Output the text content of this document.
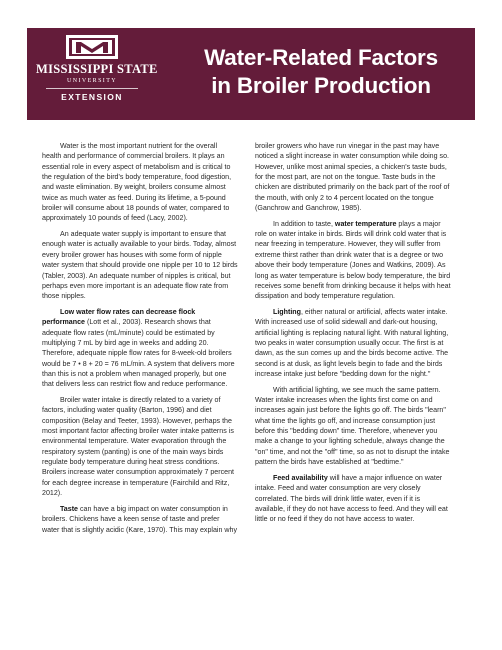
MISSISSIPPI STATE
UNIVERSITY
EXTENSION
Water-Related Factors
in Broiler Production

Water is the most important nutrient for the overall health and performance of commercial broilers. It plays an essential role in every aspect of metabolism and is critical to the regulation of the bird's body temperature, food digestion, and waste elimination. By weight, broilers consume almost twice as much water as feed. During its lifetime, a 5-pound broiler will consume about 18 pounds of water, compared to approximately 10 pounds of feed (Lacy, 2002).

An adequate water supply is important to ensure that enough water is actually available to your birds. Today, almost every broiler grower has houses with some form of nipple water system that should provide one nipple per 10 to 12 birds (Tabler, 2003). An adequate number of nipples is critical, but perhaps even more important is an adequate flow rate from those nipples.

Low water flow rates can decrease flock performance (Lott et al., 2003). Research shows that adequate flow rates (mL/minute) could be estimated by multiplying 7 mL by bird age in weeks and adding 20. Therefore, adequate nipple flow rates for 8-week-old broilers would be 7 • 8 + 20 = 76 mL/min. A system that delivers more than this is not a problem when managed properly, but one that delivers less can restrict flow and reduce performance.

Broiler water intake is directly related to a variety of factors, including water quality (Barton, 1996) and diet composition (Belay and Teeter, 1993). However, perhaps the most important factor affecting broiler water intake patterns is environmental temperature. Water evaporation through the respiratory system (panting) is one of the main ways birds regulate body temperature during heat stress conditions. Broilers increase water consumption approximately 7 percent for each degree increase in temperature (Fairchild and Ritz, 2012).

Taste can have a big impact on water consumption in broilers. Chickens have a keen sense of taste and prefer water that is slightly acidic (Kare, 1970). This may explain why

broiler growers who have run vinegar in the past may have noticed a slight increase in water consumption while doing so. However, unlike most animal species, a chicken's taste buds, for the most part, are not on the tongue. Taste buds in the chicken are distributed primarily on the back part of the roof of the mouth, with only 2 to 4 percent located on the tongue (Ganchrow and Ganchrow, 1985).

In addition to taste, water temperature plays a major role on water intake in birds. Birds will drink cold water that is near freezing in temperature. However, they will suffer from extreme thirst rather than drink water that is a degree or two above their body temperature (Jones and Watkins, 2009). As long as water temperature is below body temperature, the bird receives some benefit from drinking because it helps with heat dissipation and body temperature regulation.

Lighting, either natural or artificial, affects water intake. With increased use of solid sidewall and dark-out housing, artificial lighting is replacing natural light. With natural lighting, two peaks in water consumption usually occur. The first is at dawn, as the sun comes up and the birds become active. The second is at dusk, as light levels begin to fade and the birds increase intake just before "bedding down for the night."

With artificial lighting, we see much the same pattern. Water intake increases when the lights first come on and increases again just before the lights go off. The birds "learn" what time the lights go off, and increase consumption just before this "bedding down" time. Therefore, whenever you make a change to your lighting schedule, always change the "on" time, and not the "off" time, so as not to disrupt the intake pattern the birds have established at "bedtime."

Feed availability will have a major influence on water intake. Feed and water consumption are very closely correlated. The birds will drink little water, even if it is available, if they do not have access to feed. And they will eat little or no feed if they do not have access to water.
